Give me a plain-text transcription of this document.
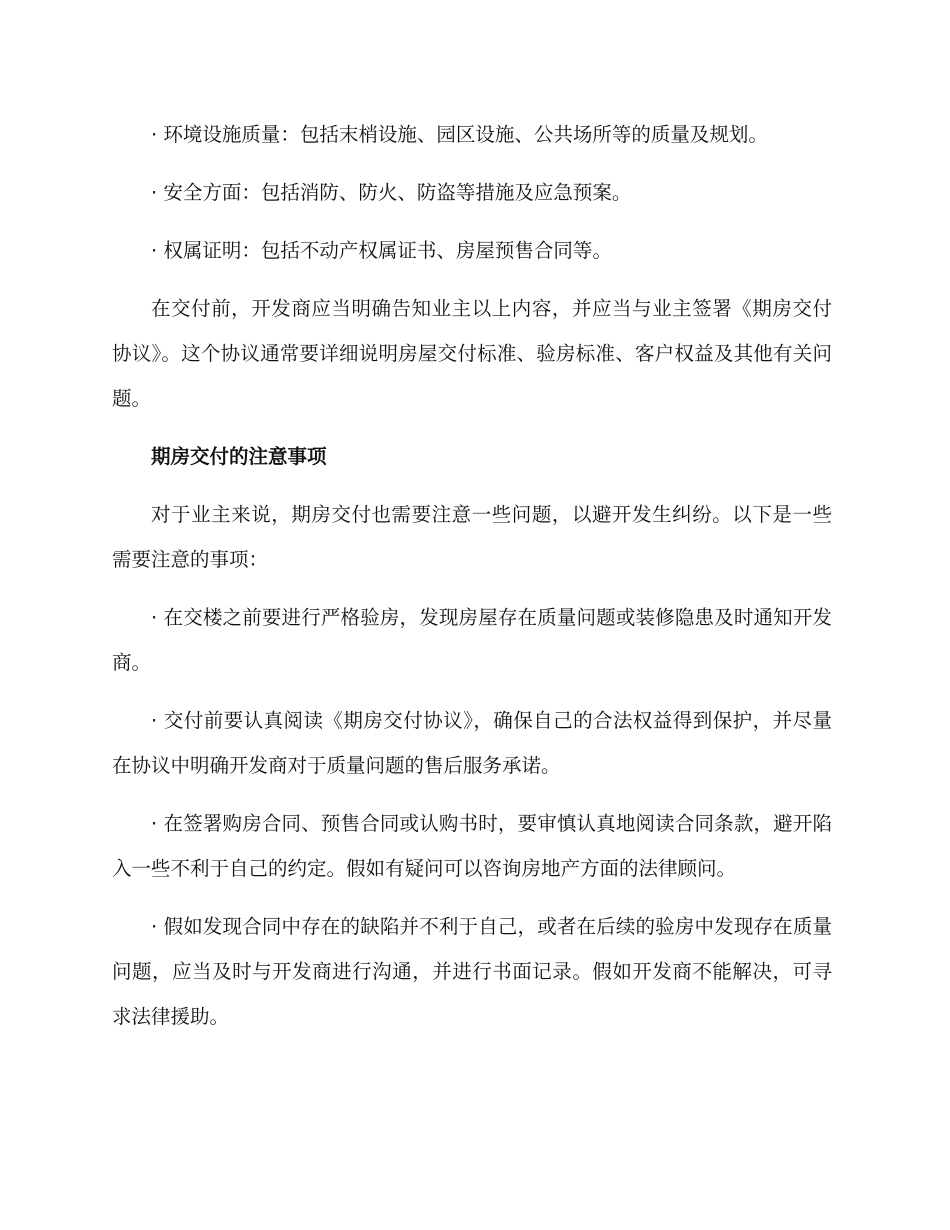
· 环境设施质量：包括末梢设施、园区设施、公共场所等的质量及规划。

· 安全方面：包括消防、防火、防盗等措施及应急预案。

· 权属证明：包括不动产权属证书、房屋预售合同等。

在交付前，开发商应当明确告知业主以上内容，并应当与业主签署《期房交付协议》。这个协议通常要详细说明房屋交付标准、验房标准、客户权益及其他有关问题。

期房交付的注意事项

对于业主来说，期房交付也需要注意一些问题，以避开发生纠纷。以下是一些需要注意的事项：

· 在交楼之前要进行严格验房，发现房屋存在质量问题或装修隐患及时通知开发商。

· 交付前要认真阅读《期房交付协议》，确保自己的合法权益得到保护，并尽量在协议中明确开发商对于质量问题的售后服务承诺。

· 在签署购房合同、预售合同或认购书时，要审慎认真地阅读合同条款，避开陷入一些不利于自己的约定。假如有疑问可以咨询房地产方面的法律顾问。

· 假如发现合同中存在的缺陷并不利于自己，或者在后续的验房中发现存在质量问题，应当及时与开发商进行沟通，并进行书面记录。假如开发商不能解决，可寻求法律援助。
